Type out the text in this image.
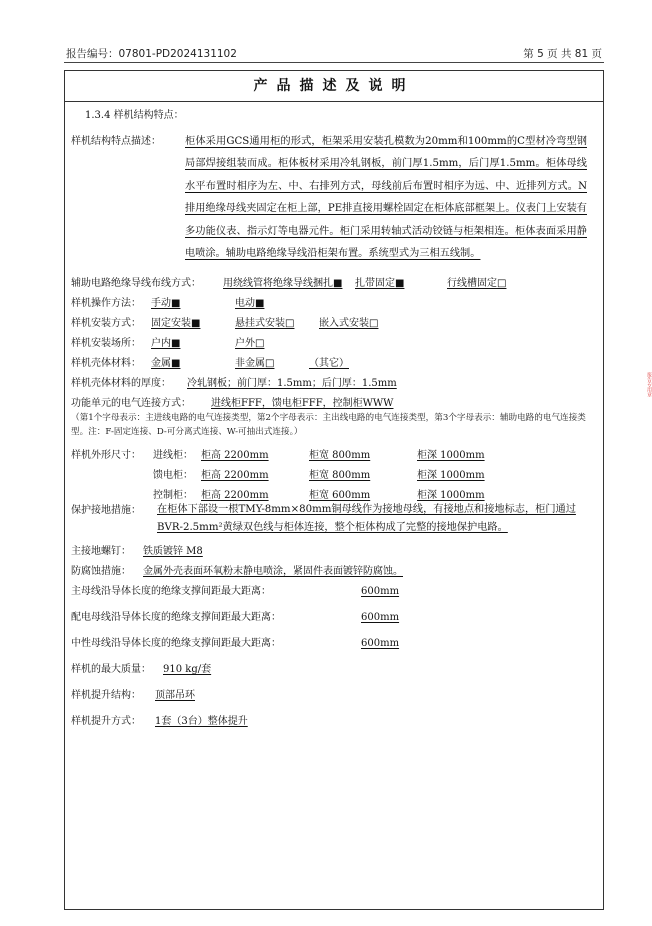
报告编号：07801-PD2024131102	第 5 页 共 81 页
产品描述及说明
1.3.4 样机结构特点：
样机结构特点描述： 柜体采用GCS通用柜的形式，柜架采用安装孔模数为20mm和100mm的C型材冷弯型钢局部焊接组装而成。柜体板材采用冷轧钢板，前门厚1.5mm，后门厚1.5mm。柜体母线水平布置时相序为左、中、右排列方式，母线前后布置时相序为远、中、近排列方式。N排用绝缘母线夹固定在柜上部，PE排直接用螺栓固定在柜体底部框架上。仪表门上安装有多功能仪表、指示灯等电器元件。柜门采用转轴式活动铰链与柜架相连。柜体表面采用静电喷涂。辅助电路绝缘导线沿柜架布置。系统型式为三相五线制。
辅助电路绝缘导线布线方式： 用绕线管将绝缘导线捆扎■ 扎带固定■	行线槽固定□
样机操作方法： 手动■	电动■
样机安装方式： 固定安装■	悬挂式安装□ 嵌入式安装□
样机安装场所： 户内■	户外□
样机壳体材料： 金属■	非金属□	（其它）
样机壳体材料的厚度： 冷轧钢板；前门厚：1.5mm；后门厚：1.5mm
功能单元的电气连接方式： 进线柜FFF，馈电柜FFF，控制柜WWW
（第1个字母表示：主进线电路的电气连接类型，第2个字母表示：主出线电路的电气连接类型，第3个字母表示：辅助电路的电气连接类型。注：F-固定连接、D-可分离式连接、W-可抽出式连接。）
样机外形尺寸： 进线柜： 柜高 2200mm	柜宽 800mm	柜深 1000mm
馈电柜： 柜高 2200mm	柜宽 800mm	柜深 1000mm
控制柜： 柜高 2200mm	柜宽 600mm	柜深 1000mm
保护接地措施： 在柜体下部设一根TMY-8mm×80mm铜母线作为接地母线，有接地点和接地标志，柜门通过BVR-2.5mm²黄绿双色线与柜体连接，整个柜体构成了完整的接地保护电路。
主接地螺钉： 铁质镀锌 M8
防腐蚀措施： 金属外壳表面环氧粉末静电喷涂，紧固件表面镀锌防腐蚀。
主母线沿导体长度的绝缘支撑间距最大距离：	600mm
配电母线沿导体长度的绝缘支撑间距最大距离：	600mm
中性母线沿导体长度的绝缘支撑间距最大距离：	600mm
样机的最大质量： 910 kg/套
样机提升结构： 顶部吊环
样机提升方式： 1套（3台）整体提升
报告专用章
